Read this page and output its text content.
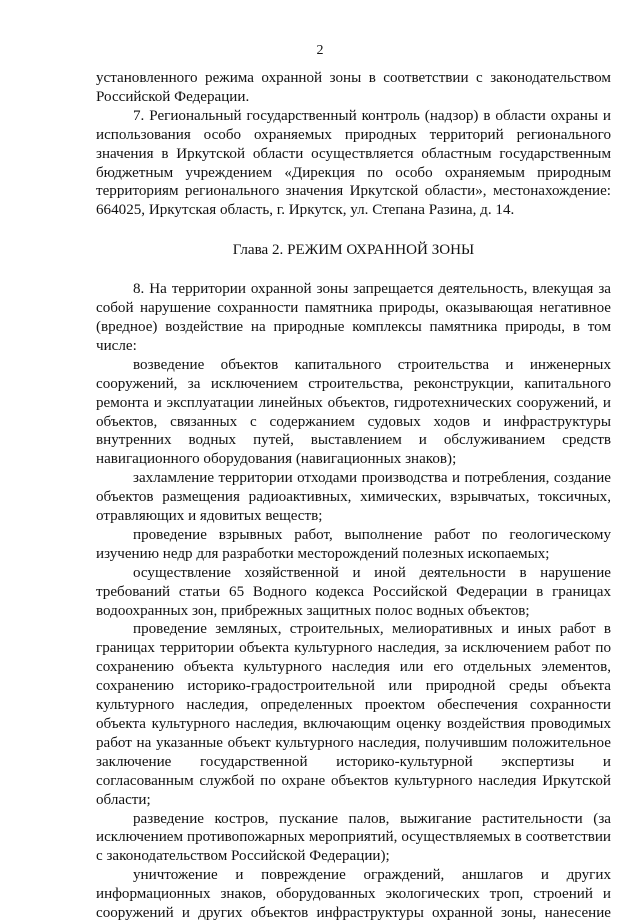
2

установленного режима охранной зоны в соответствии с законодательством Российской Федерации.

7. Региональный государственный контроль (надзор) в области охраны и использования особо охраняемых природных территорий регионального значения в Иркутской области осуществляется областным государственным бюджетным учреждением «Дирекция по особо охраняемым природным территориям регионального значения Иркутской области», местонахождение: 664025, Иркутская область, г. Иркутск, ул. Степана Разина, д. 14.

Глава 2. РЕЖИМ ОХРАННОЙ ЗОНЫ

8. На территории охранной зоны запрещается деятельность, влекущая за собой нарушение сохранности памятника природы, оказывающая негативное (вредное) воздействие на природные комплексы памятника природы, в том числе:

возведение объектов капитального строительства и инженерных сооружений, за исключением строительства, реконструкции, капитального ремонта и эксплуатации линейных объектов, гидротехнических сооружений, и объектов, связанных с содержанием судовых ходов и инфраструктуры внутренних водных путей, выставлением и обслуживанием средств навигационного оборудования (навигационных знаков);

захламление территории отходами производства и потребления, создание объектов размещения радиоактивных, химических, взрывчатых, токсичных, отравляющих и ядовитых веществ;

проведение взрывных работ, выполнение работ по геологическому изучению недр для разработки месторождений полезных ископаемых;

осуществление хозяйственной и иной деятельности в нарушение требований статьи 65 Водного кодекса Российской Федерации в границах водоохранных зон, прибрежных защитных полос водных объектов;

проведение земляных, строительных, мелиоративных и иных работ в границах территории объекта культурного наследия, за исключением работ по сохранению объекта культурного наследия или его отдельных элементов, сохранению историко-градостроительной или природной среды объекта культурного наследия, определенных проектом обеспечения сохранности объекта культурного наследия, включающим оценку воздействия проводимых работ на указанные объект культурного наследия, получившим положительное заключение государственной историко-культурной экспертизы и согласованным службой по охране объектов культурного наследия Иркутской области;

разведение костров, пускание палов, выжигание растительности (за исключением противопожарных мероприятий, осуществляемых в соответствии с законодательством Российской Федерации);

уничтожение и повреждение ограждений, аншлагов и других информационных знаков, оборудованных экологических троп, строений и сооружений и других объектов инфраструктуры охранной зоны, нанесение
